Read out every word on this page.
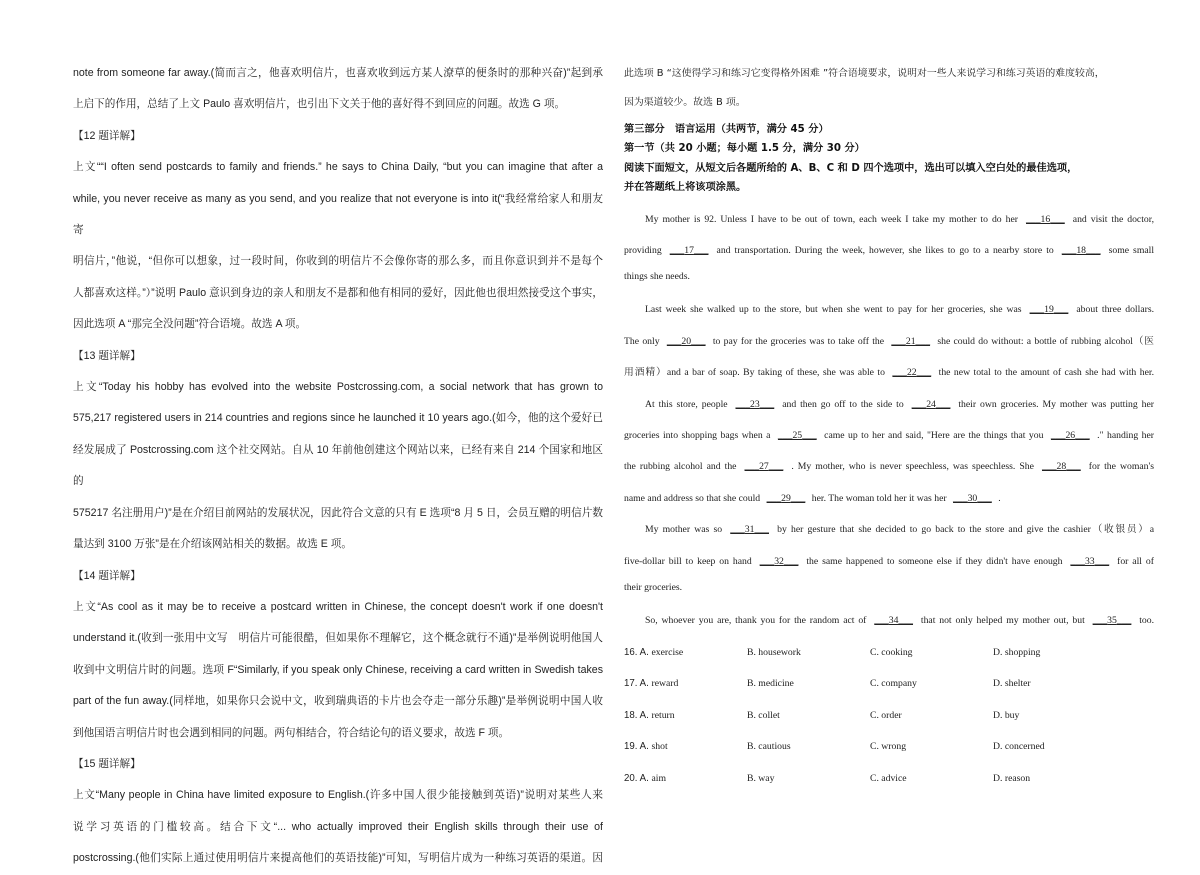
note from someone far away.(简而言之，他喜欢明信片，也喜欢收到远方某人潦草的便条时的那种兴奋)”起到承
上启下的作用，总结了上文 Paulo 喜欢明信片，也引出下文关于他的喜好得不到回应的问题。故选 G 项。
【12 题详解】
上文““I often send postcards to family and friends.” he says to China Daily, “but you can imagine that after a
while, you never receive as many as you send, and you realize that not everyone is into it(“我经常给家人和朋友寄
明信片，”他说，“但你可以想象，过一段时间，你收到的明信片不会像你寄的那么多，而且你意识到并不是每个
人都喜欢这样。”）”说明 Paulo 意识到身边的亲人和朋友不是都和他有相同的爱好，因此他也很坦然接受这个事实，
因此选项 A “那完全没问题”符合语境。故选 A 项。
【13 题详解】
上文“Today his hobby has evolved into the website Postcrossing.com, a social network that has grown to
575,217 registered users in 214 countries and regions since he launched it 10 years ago.(如今，他的这个爱好已
经发展成了 Postcrossing.com 这个社交网站。自从 10 年前他创建这个网站以来，已经有来自 214 个国家和地区的
575217 名注册用户)”是在介绍目前网站的发展状况，因此符合文意的只有 E 选项“8 月 5 日，会员互赠的明信片数
量达到 3100 万张”是在介绍该网站相关的数据。故选 E 项。
【14 题详解】
上文“As cool as it may be to receive a postcard written in Chinese, the concept doesn't work if one doesn't
understand it.(收到一张用中文写　明信片可能很酷，但如果你不理解它，这个概念就行不通)”是举例说明他国人
收到中文明信片时的问题。选项 F“Similarly, if you speak only Chinese, receiving a card written in Swedish takes
part of the fun away.(同样地，如果你只会说中文，收到瑞典语的卡片也会夺走一部分乐趣)”是举例说明中国人收
到他国语言明信片时也会遇到相同的问题。两句相结合，符合结论句的语义要求，故选 F 项。
【15 题详解】
上文“Many people in China have limited exposure to English.(许多中国人很少能接触到英语)”说明对某些人来
说学习英语的门槛较高。结合下文“... who actually improved their English skills through their use of
postcrossing.(他们实际上通过使用明信片来提高他们的英语技能)”可知，写明信片成为一种练习英语的渠道。因
此选项 B “这使得学习和练习它变得格外困难 ”符合语境要求，说明对一些人来说学习和练习英语的难度较高，
因为渠道较少。故选 B 项。

第三部分　语言运用（共两节，满分 45 分）

第一节（共 20 小题；每小题 1.5 分，满分 30 分）

阅读下面短文，从短文后各题所给的 A、B、C 和 D 四个选项中，选出可以填入空白处的最佳选项，

并在答题纸上将该项涂黑。

My mother is 92. Unless I have to be out of town, each week I take my mother to do her ___16___ and visit the doctor,
providing ___17___ and transportation. During the week, however, she likes to go to a nearby store to ___18___ some small
things she needs.
Last week she walked up to the store, but when she went to pay for her groceries, she was ___19___ about three dollars.
The only ___20___ to pay for the groceries was to take off the ___21___ she could do without: a bottle of rubbing alcohol（医
用酒精）and a bar of soap. By taking of these, she was able to ___22___ the new total to the amount of cash she had with her.
At this store, people ___23___ and then go off to the side to ___24___ their own groceries. My mother was putting her
groceries into shopping bags when a ___25___ came up to her and said, "Here are the things that you ___26___ ." handing her
the rubbing alcohol and the ___27___ . My mother, who is never speechless, was speechless. She ___28___ for the woman's
name and address so that she could ___29___ her. The woman told her it was her ___30___ .
My mother was so ___31___ by her gesture that she decided to go back to the store and give the cashier（收银员）a
five-dollar bill to keep on hand ___32___ the same happened to someone else if they didn't have enough ___33___ for all of
their groceries.
So, whoever you are, thank you for the random act of ___34___ that not only helped my mother out, but ___35___ too.
16. A. exercise	B. housework	C. cooking	D. shopping
17. A. reward	B. medicine	C. company	D. shelter
18. A. return	B. collet	C. order	D. buy
19. A. shot	B. cautious	C. wrong	D. concerned
20. A. aim	B. way	C. advice	D. reason
